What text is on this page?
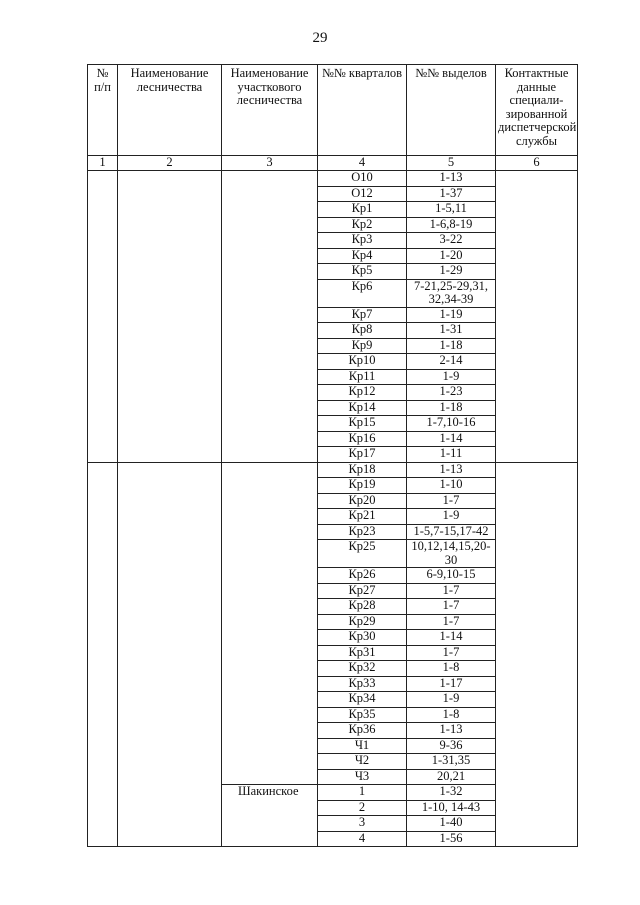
29
№ п/п	Наименование лесничества	Наименование участкового лесничества	№№ кварталов	№№ выделов	Контактные данные специали-зированной диспетчерской службы
1	2	3	4	5	6
			О10	1-13	
			О12	1-37	
			Кр1	1-5,11	
			Кр2	1-6,8-19	
			Кр3	3-22	
			Кр4	1-20	
			Кр5	1-29	
			Кр6	7-21,25-29,31, 32,34-39	
			Кр7	1-19	
			Кр8	1-31	
			Кр9	1-18	
			Кр10	2-14	
			Кр11	1-9	
			Кр12	1-23	
			Кр14	1-18	
			Кр15	1-7,10-16	
			Кр16	1-14	
			Кр17	1-11	
			Кр18	1-13	
			Кр19	1-10	
			Кр20	1-7	
			Кр21	1-9	
			Кр23	1-5,7-15,17-42	
			Кр25	10,12,14,15,20-30	
			Кр26	6-9,10-15	
			Кр27	1-7	
			Кр28	1-7	
			Кр29	1-7	
			Кр30	1-14	
			Кр31	1-7	
			Кр32	1-8	
			Кр33	1-17	
			Кр34	1-9	
			Кр35	1-8	
			Кр36	1-13	
			Ч1	9-36	
			Ч2	1-31,35	
			Ч3	20,21	
		Шакинское	1	1-32	
			2	1-10, 14-43	
			3	1-40	
			4	1-56	
